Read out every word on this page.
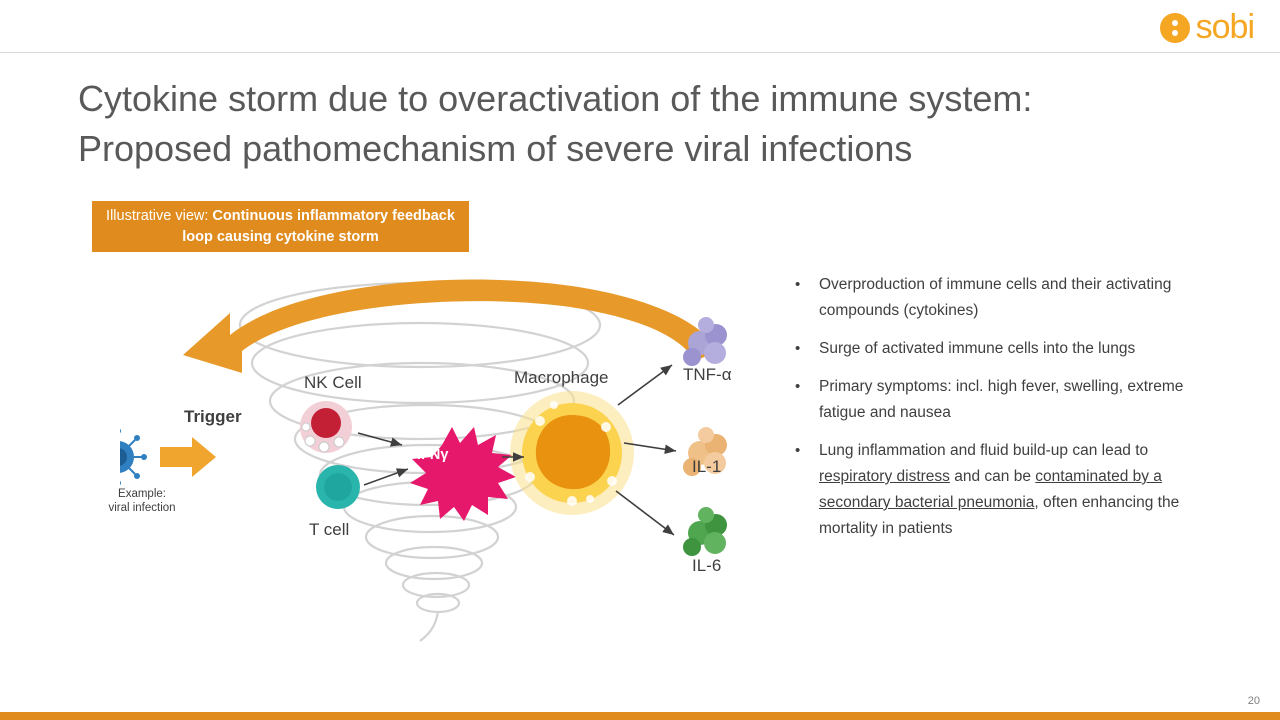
sobi
Cytokine storm due to overactivation of the immune system:
Proposed pathomechanism of severe viral infections
Illustrative view: Continuous inflammatory feedback loop causing cytokine storm
Trigger
Example:
viral infection
NK Cell
T cell
Macrophage
IFNγ
TNF-α
IL-1
IL-6
•	Overproduction of immune cells and their activating compounds (cytokines)
•	Surge of activated immune cells into the lungs
•	Primary symptoms: incl. high fever, swelling, extreme fatigue and nausea
•	Lung inflammation and fluid build-up can lead to respiratory distress and can be contaminated by a secondary bacterial pneumonia, often enhancing the mortality in patients
20
